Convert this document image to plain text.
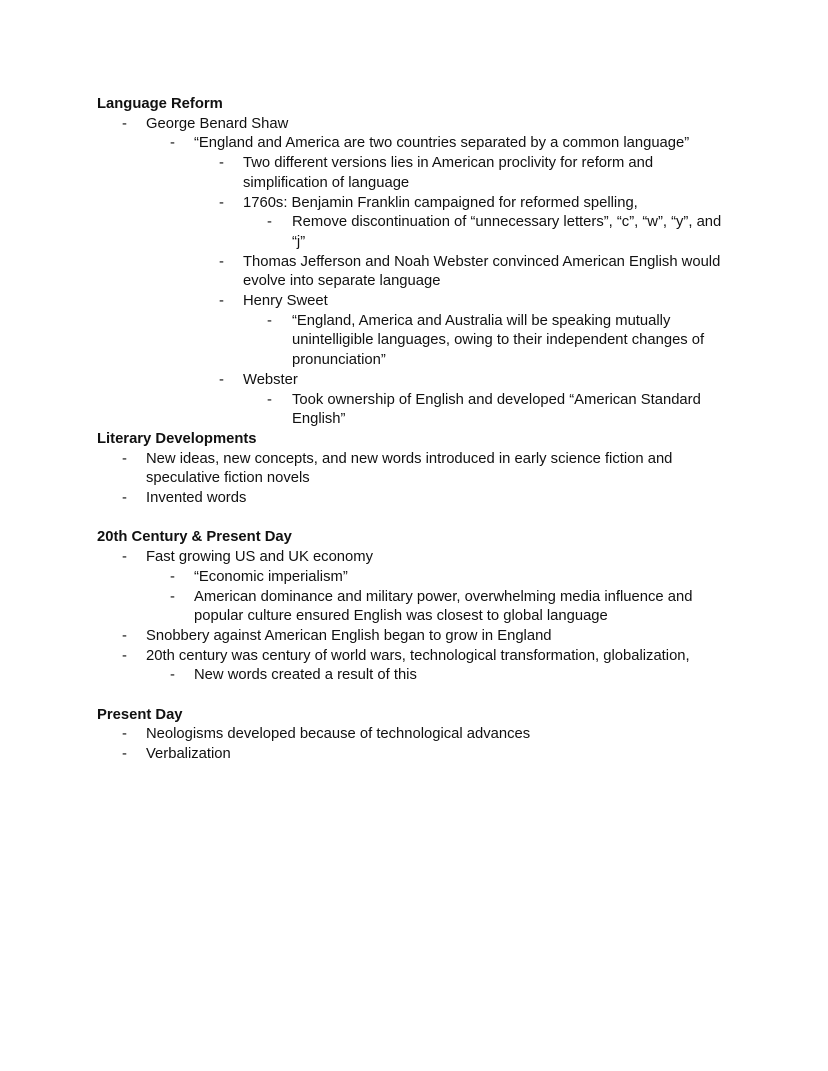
Language Reform
- George Benard Shaw
- “England and America are two countries separated by a common language”
- Two different versions lies in American proclivity for reform and simplification of language
- 1760s: Benjamin Franklin campaigned for reformed spelling,
- Remove discontinuation of “unnecessary letters”, “c”, “w”, “y”, and “j”
- Thomas Jefferson and Noah Webster convinced American English would evolve into separate language
- Henry Sweet
- “England, America and Australia will be speaking mutually unintelligible languages, owing to their independent changes of pronunciation”
- Webster
- Took ownership of English and developed “American Standard English”
Literary Developments
- New ideas, new concepts, and new words introduced in early science fiction and speculative fiction novels
- Invented words
20th Century & Present Day
- Fast growing US and UK economy
- “Economic imperialism”
- American dominance and military power, overwhelming media influence and popular culture ensured English was closest to global language
- Snobbery against American English began to grow in England
- 20th century was century of world wars, technological transformation, globalization,
- New words created a result of this
Present Day
- Neologisms developed because of technological advances
- Verbalization
